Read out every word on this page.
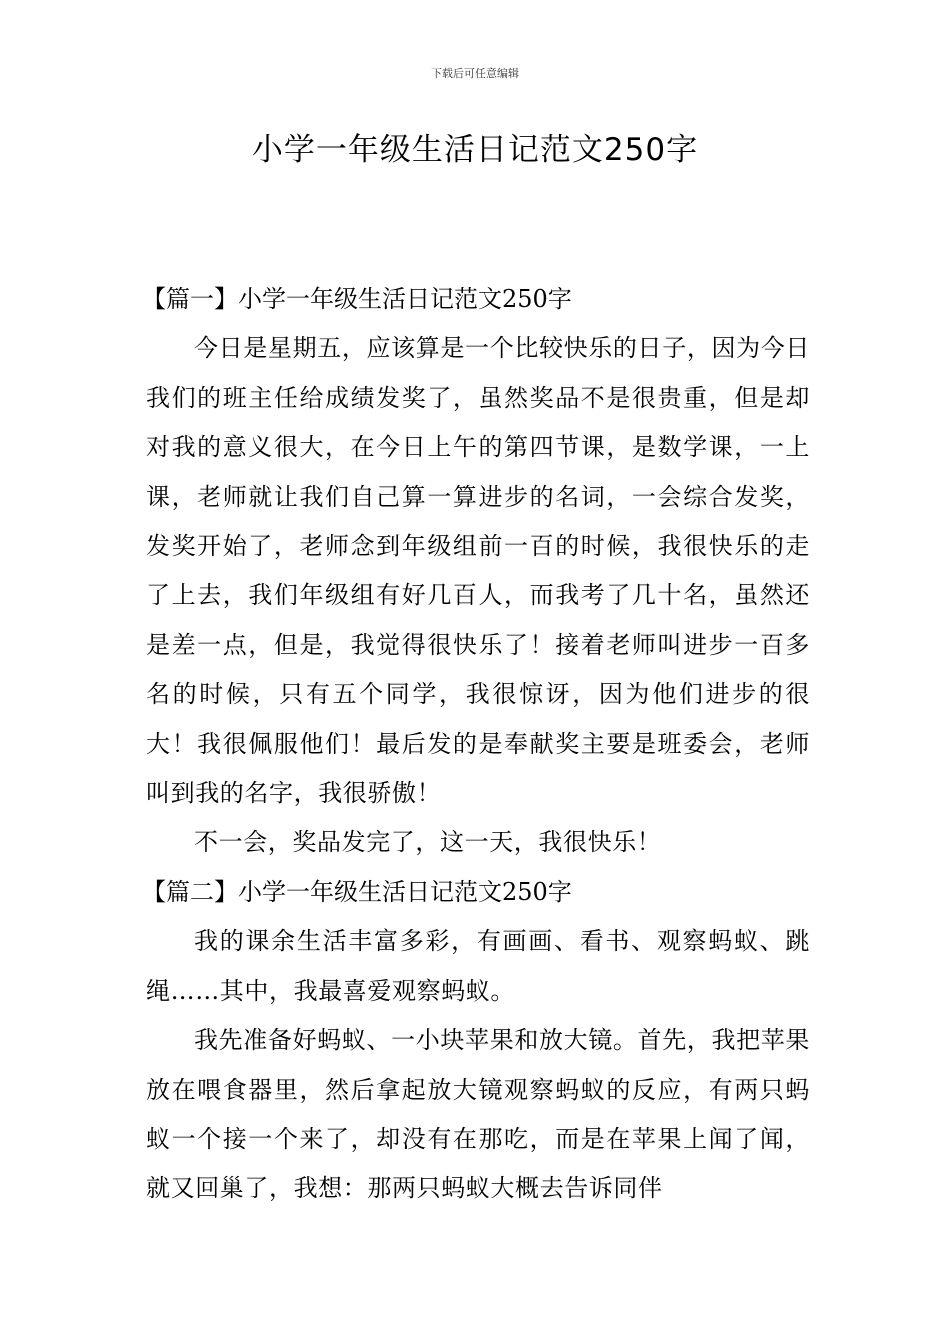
下载后可任意编辑
小学一年级生活日记范文250字
【篇一】小学一年级生活日记范文250字

今日是星期五，应该算是一个比较快乐的日子，因为今日我们的班主任给成绩发奖了，虽然奖品不是很贵重，但是却对我的意义很大，在今日上午的第四节课，是数学课，一上课，老师就让我们自己算一算进步的名词，一会综合发奖，发奖开始了，老师念到年级组前一百的时候，我很快乐的走了上去，我们年级组有好几百人，而我考了几十名，虽然还是差一点，但是，我觉得很快乐了！接着老师叫进步一百多名的时候，只有五个同学，我很惊讶，因为他们进步的很大！我很佩服他们！最后发的是奉献奖主要是班委会，老师叫到我的名字，我很骄傲！

不一会，奖品发完了，这一天，我很快乐！

【篇二】小学一年级生活日记范文250字

我的课余生活丰富多彩，有画画、看书、观察蚂蚁、跳绳……其中，我最喜爱观察蚂蚁。

我先准备好蚂蚁、一小块苹果和放大镜。首先，我把苹果放在喂食器里，然后拿起放大镜观察蚂蚁的反应，有两只蚂蚁一个接一个来了，却没有在那吃，而是在苹果上闻了闻，就又回巢了，我想：那两只蚂蚁大概去告诉同伴
